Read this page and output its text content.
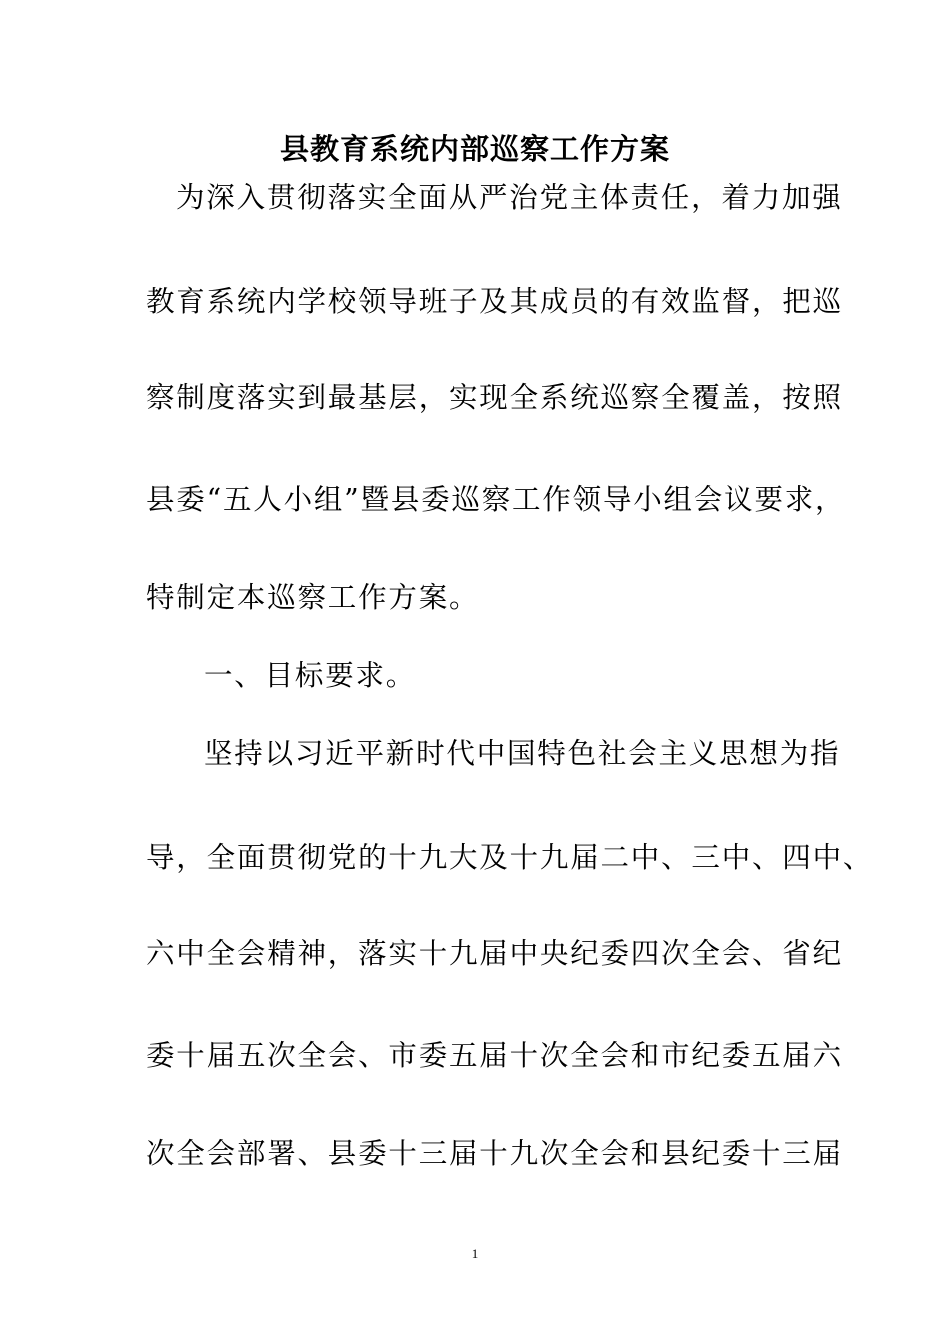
县教育系统内部巡察工作方案
为深入贯彻落实全面从严治党主体责任，着力加强
教育系统内学校领导班子及其成员的有效监督，把巡
察制度落实到最基层，实现全系统巡察全覆盖，按照
县委“五人小组”暨县委巡察工作领导小组会议要求，
特制定本巡察工作方案。
一、目标要求。
坚持以习近平新时代中国特色社会主义思想为指
导，全面贯彻党的十九大及十九届二中、三中、四中、
六中全会精神，落实十九届中央纪委四次全会、省纪
委十届五次全会、市委五届十次全会和市纪委五届六
次全会部署、县委十三届十九次全会和县纪委十三届
1
